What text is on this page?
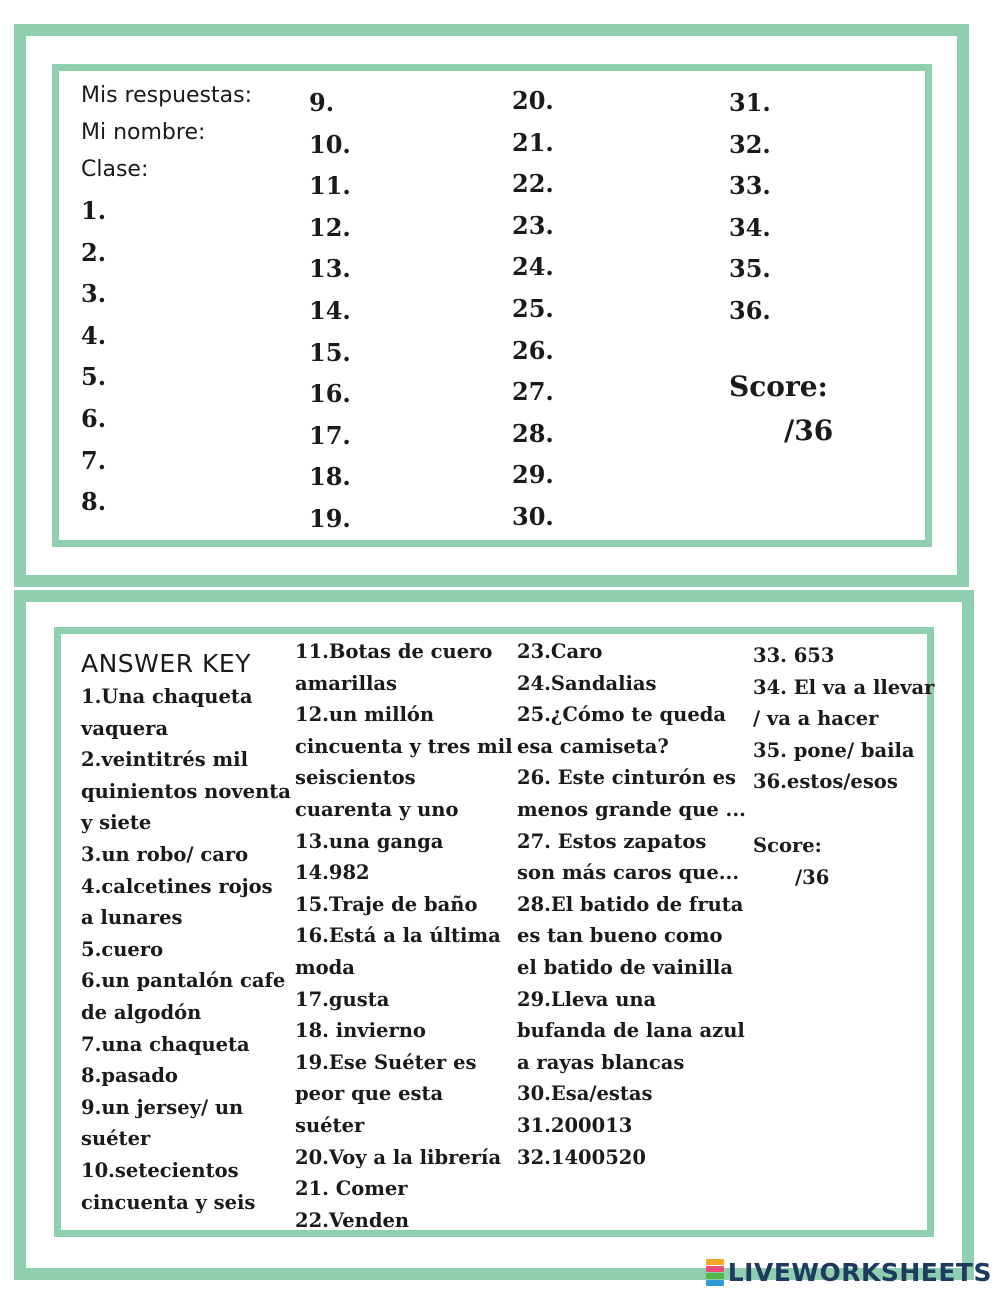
Mis respuestas:
Mi nombre:
Clase:
1.
2.
3.
4.
5.
6.
7.
8.
9.
10.
11.
12.
13.
14.
15.
16.
17.
18.
19.
20.
21.
22.
23.
24.
25.
26.
27.
28.
29.
30.
31.
32.
33.
34.
35.
36.
Score:
/36
ANSWER KEY
1.Una chaqueta vaquera
2.veintitrés mil quinientos noventa y siete
3.un robo/ caro
4.calcetines rojos a lunares
5.cuero
6.un pantalón cafe de algodón
7.una chaqueta
8.pasado
9.un jersey/ un suéter
10.setecientos cincuenta y seis
11.Botas de cuero amarillas
12.un millón cincuenta y tres mil seiscientos cuarenta y uno
13.una ganga
14.982
15.Traje de baño
16.Está a la última moda
17.gusta
18. invierno
19.Ese Suéter es peor que esta suéter
20.Voy a la librería
21. Comer
22.Venden
23.Caro
24.Sandalias
25.¿Cómo te queda esa camiseta?
26. Este cinturón es menos grande que ...
27. Estos zapatos son más caros que...
28.El batido de fruta es tan bueno como el batido de vainilla
29.Lleva una bufanda de lana azul a rayas blancas
30.Esa/estas
31.200013
32.1400520
33. 653
34. El va a llevar / va a hacer
35. pone/ baila
36.estos/esos
Score:
/36
LIVEWORKSHEETS
